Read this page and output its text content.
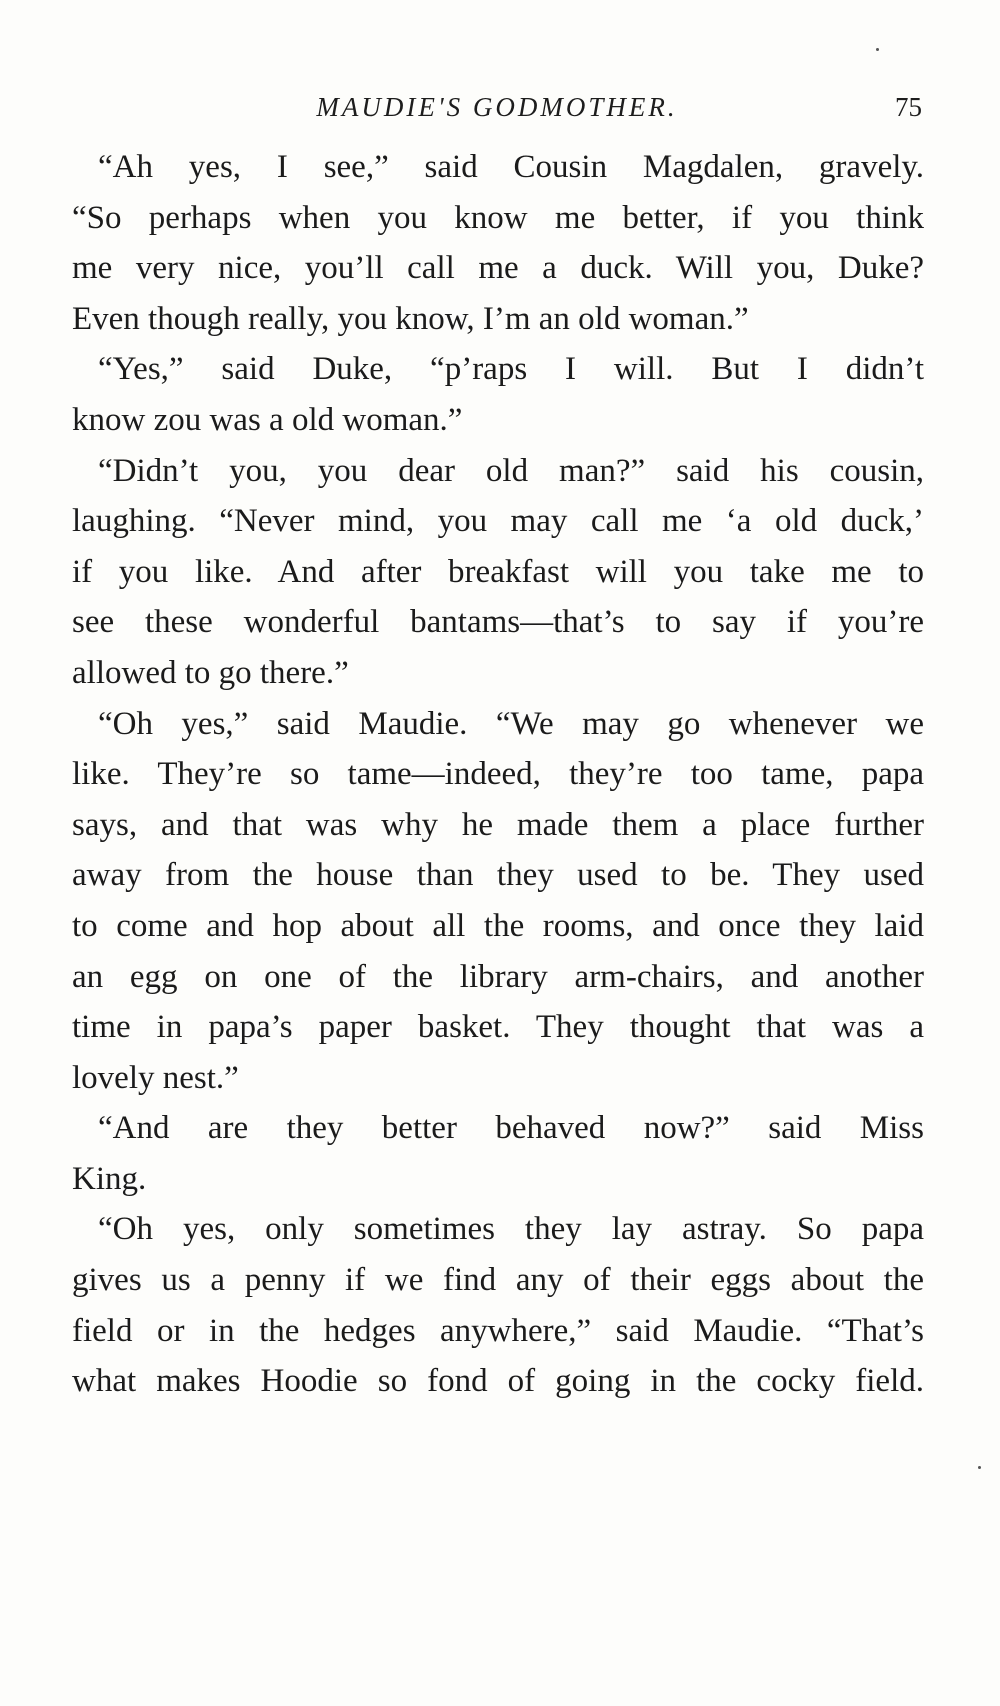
MAUDIE'S GODMOTHER.	75
“Ah yes, I see,” said Cousin Magdalen, gravely.
“So perhaps when you know me better, if you think
me very nice, you’ll call me a duck. Will you, Duke?
Even though really, you know, I’m an old woman.”
“Yes,” said Duke, “p’raps I will. But I didn’t
know zou was a old woman.”
“Didn’t you, you dear old man?” said his cousin,
laughing. “Never mind, you may call me ‘a old duck,’
if you like. And after breakfast will you take me to
see these wonderful bantams—that’s to say if you’re
allowed to go there.”
“Oh yes,” said Maudie. “We may go whenever we
like. They’re so tame—indeed, they’re too tame, papa
says, and that was why he made them a place further
away from the house than they used to be. They used
to come and hop about all the rooms, and once they laid
an egg on one of the library arm-chairs, and another
time in papa’s paper basket. They thought that was a
lovely nest.”
“And are they better behaved now?” said Miss
King.
“Oh yes, only sometimes they lay astray. So papa
gives us a penny if we find any of their eggs about the
field or in the hedges anywhere,” said Maudie. “That’s
what makes Hoodie so fond of going in the cocky field.
